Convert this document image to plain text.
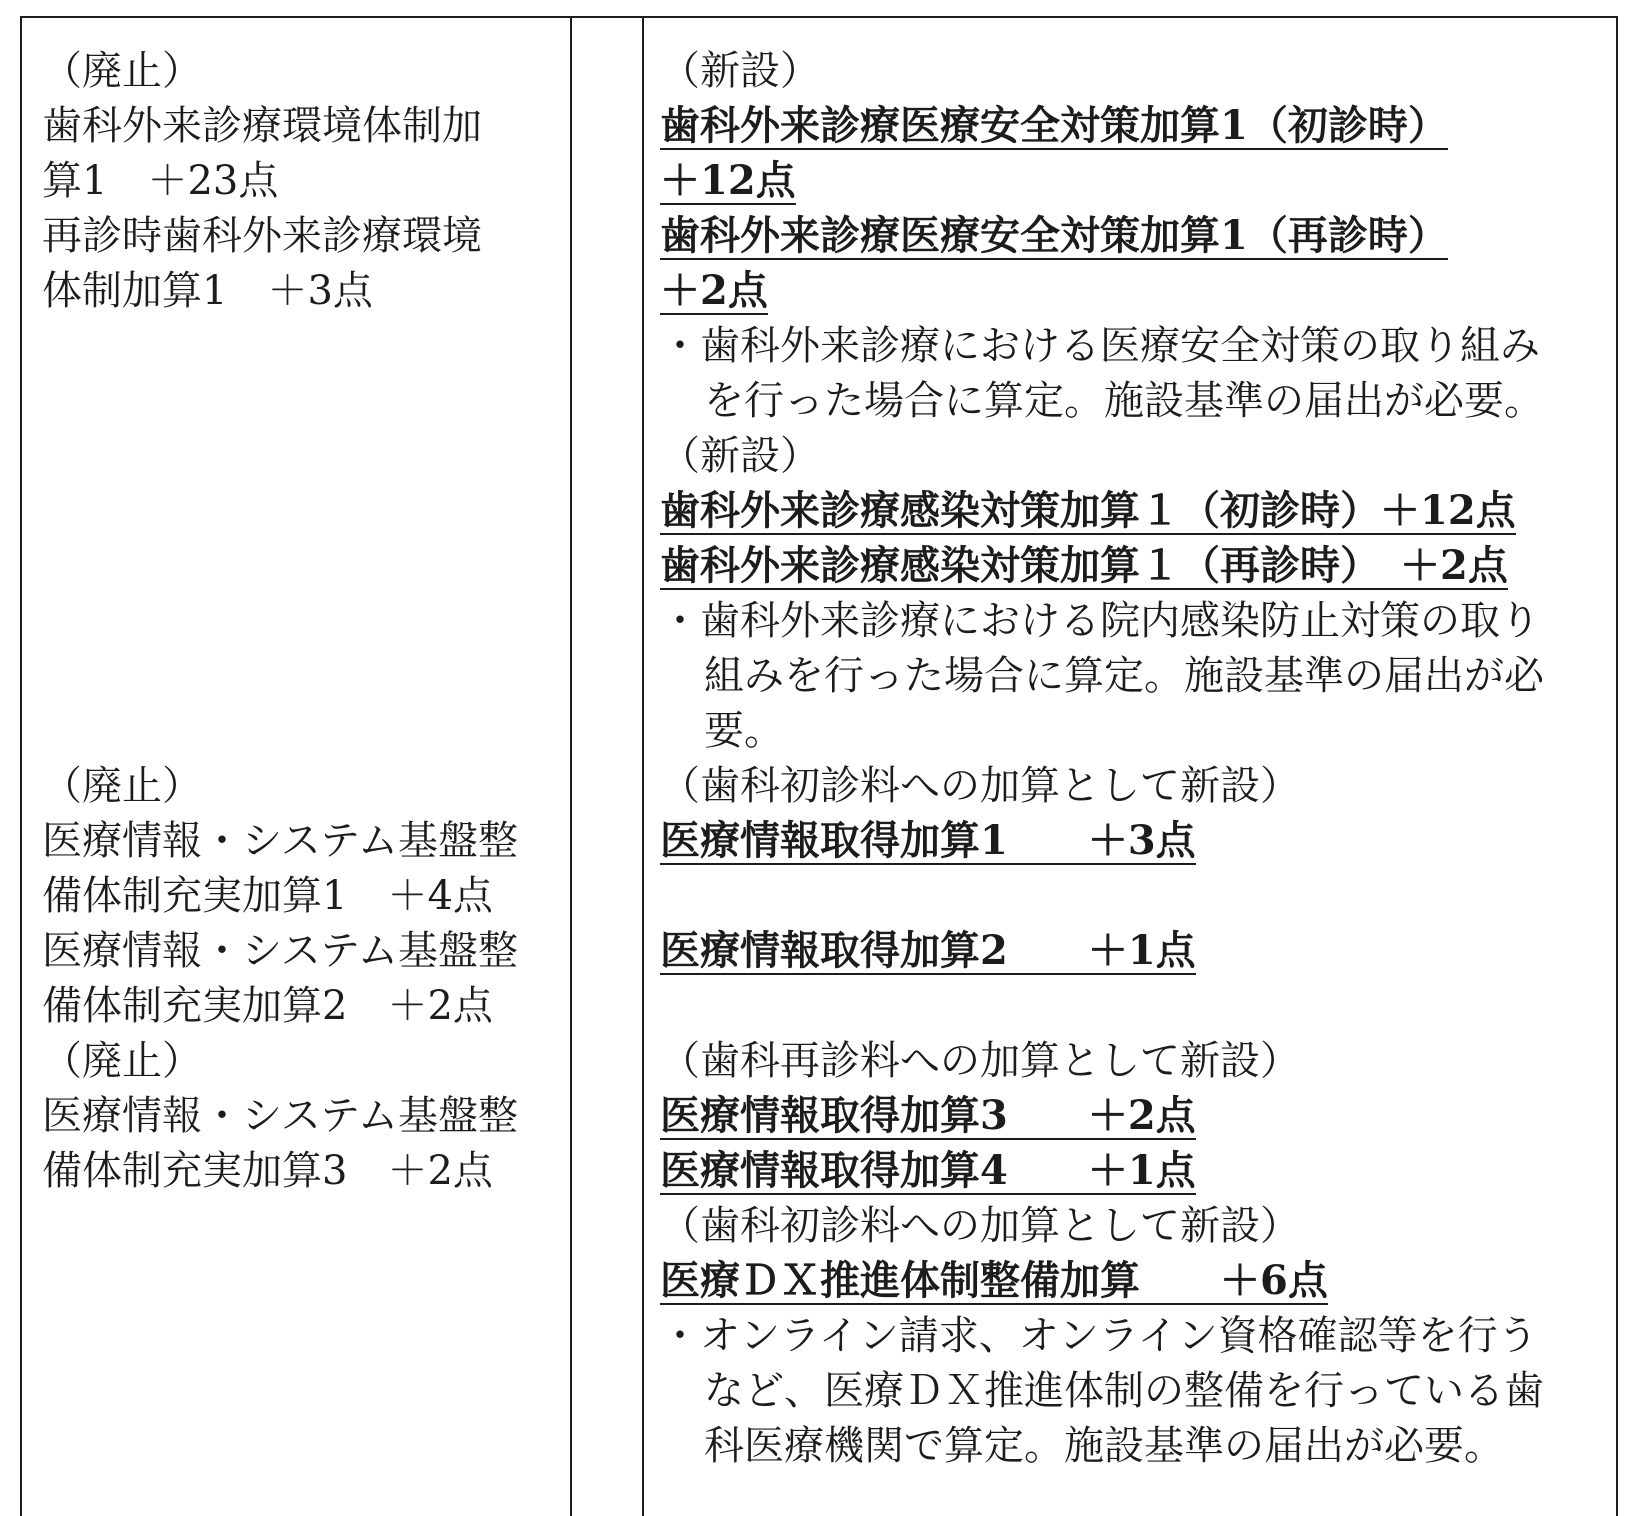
（廃止）
歯科外来診療環境体制加
算1　＋23点
再診時歯科外来診療環境
体制加算1　＋3点
（廃止）
医療情報・システム基盤整
備体制充実加算1　＋4点
医療情報・システム基盤整
備体制充実加算2　＋2点
（廃止）
医療情報・システム基盤整
備体制充実加算3　＋2点
（新設）
歯科外来診療医療安全対策加算1（初診時）
＋12点
歯科外来診療医療安全対策加算1（再診時）
＋2点
・歯科外来診療における医療安全対策の取り組み
を行った場合に算定。施設基準の届出が必要。
（新設）
歯科外来診療感染対策加算１（初診時）＋12点
歯科外来診療感染対策加算１（再診時）　＋2点
・歯科外来診療における院内感染防止対策の取り
組みを行った場合に算定。施設基準の届出が必
要。
（歯科初診料への加算として新設）
医療情報取得加算1　　＋3点
医療情報取得加算2　　＋1点
（歯科再診料への加算として新設）
医療情報取得加算3　　＋2点
医療情報取得加算4　　＋1点
（歯科初診料への加算として新設）
医療ＤＸ推進体制整備加算　　＋6点
・オンライン請求、オンライン資格確認等を行う
など、医療ＤＸ推進体制の整備を行っている歯
科医療機関で算定。施設基準の届出が必要。
